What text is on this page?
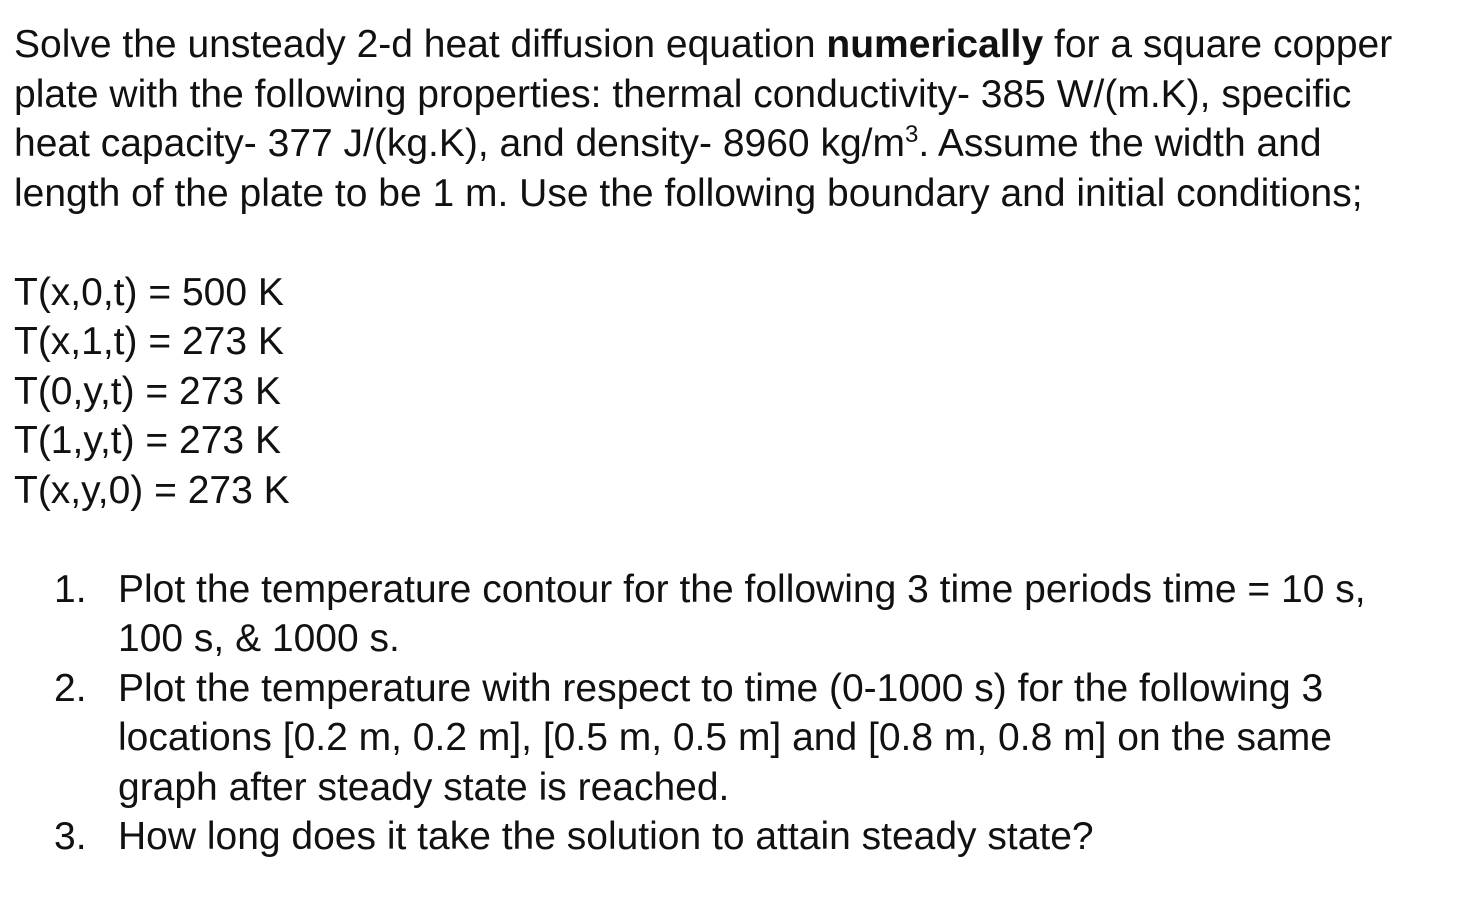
Solve the unsteady 2-d heat diffusion equation numerically for a square copper plate with the following properties: thermal conductivity- 385 W/(m.K), specific heat capacity- 377 J/(kg.K), and density- 8960 $kg/m^3$. Assume the width and length of the plate to be 1 m. Use the following boundary and initial conditions;

T(x,0,t) = 500 K
T(x,1,t) = 273 K
T(0,y,t) = 273 K
T(1,y,t) = 273 K
T(x,y,0) = 273 K
1. Plot the temperature contour for the following 3 time periods time = 10 s, 100 s, & 1000 s.
2. Plot the temperature with respect to time (0-1000 s) for the following 3 locations [0.2 m, 0.2 m], [0.5 m, 0.5 m] and [0.8 m, 0.8 m] on the same graph after steady state is reached.
3. How long does it take the solution to attain steady state?
